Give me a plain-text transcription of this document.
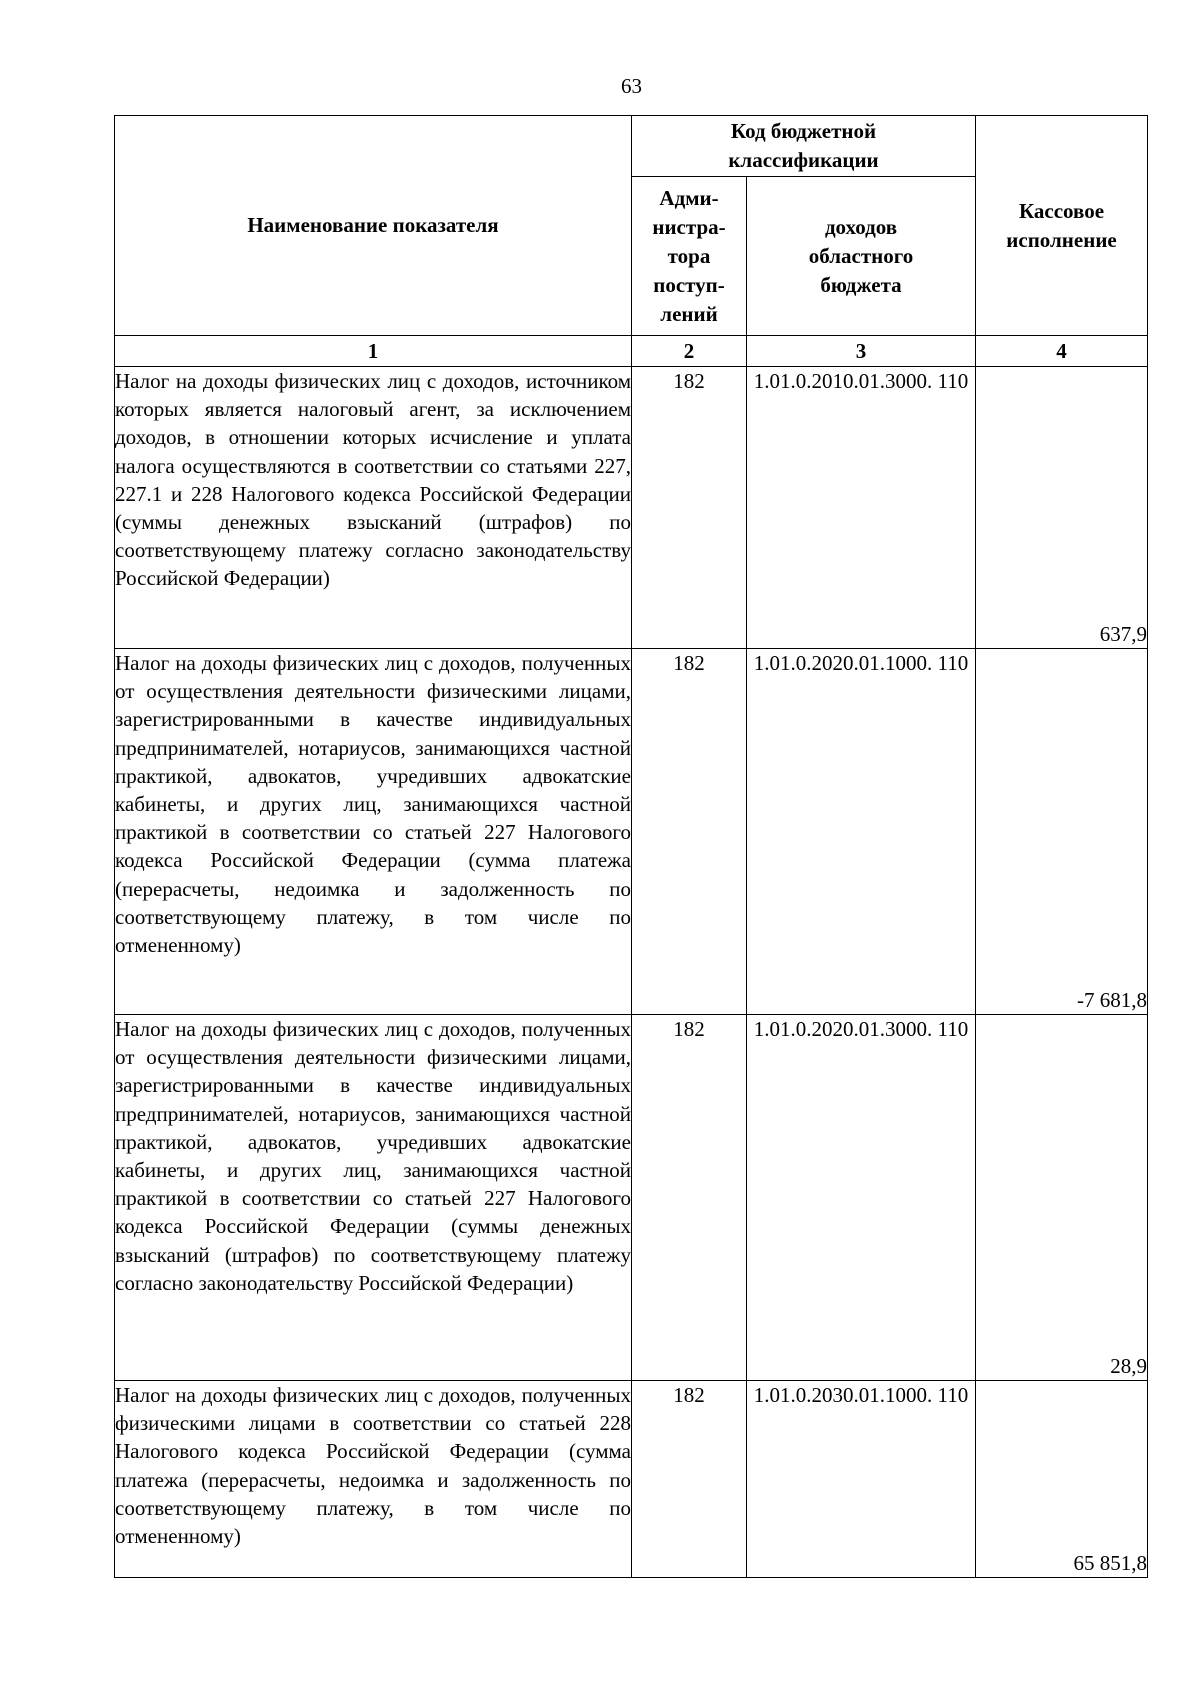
63
Наименование показателя	Код бюджетной классификации		Кассовое исполнение
	Адми-нистра-тора поступ-лений	доходов областного бюджета	
1	2	3	4
Налог на доходы физических лиц с доходов, источником которых является налоговый агент, за исключением доходов, в отношении которых исчисление и уплата налога осуществляются в соответствии со статьями 227, 227.1 и 228 Налогового кодекса Российской Федерации (суммы денежных взысканий (штрафов) по соответствующему платежу согласно законодательству Российской Федерации)	182	1.01.0.2010.01.3000. 110	637,9
Налог на доходы физических лиц с доходов, полученных от осуществления деятельности физическими лицами, зарегистрированными в качестве индивидуальных предпринимателей, нотариусов, занимающихся частной практикой, адвокатов, учредивших адвокатские кабинеты, и других лиц, занимающихся частной практикой в соответствии со статьей 227 Налогового кодекса Российской Федерации (сумма платежа (перерасчеты, недоимка и задолженность по соответствующему платежу, в том числе по отмененному)	182	1.01.0.2020.01.1000. 110	-7 681,8
Налог на доходы физических лиц с доходов, полученных от осуществления деятельности физическими лицами, зарегистрированными в качестве индивидуальных предпринимателей, нотариусов, занимающихся частной практикой, адвокатов, учредивших адвокатские кабинеты, и других лиц, занимающихся частной практикой в соответствии со статьей 227 Налогового кодекса Российской Федерации (суммы денежных взысканий (штрафов) по соответствующему платежу согласно законодательству Российской Федерации)	182	1.01.0.2020.01.3000. 110	28,9
Налог на доходы физических лиц с доходов, полученных физическими лицами в соответствии со статьей 228 Налогового кодекса Российской Федерации (сумма платежа (перерасчеты, недоимка и задолженность по соответствующему платежу, в том числе по отмененному)	182	1.01.0.2030.01.1000. 110	65 851,8
